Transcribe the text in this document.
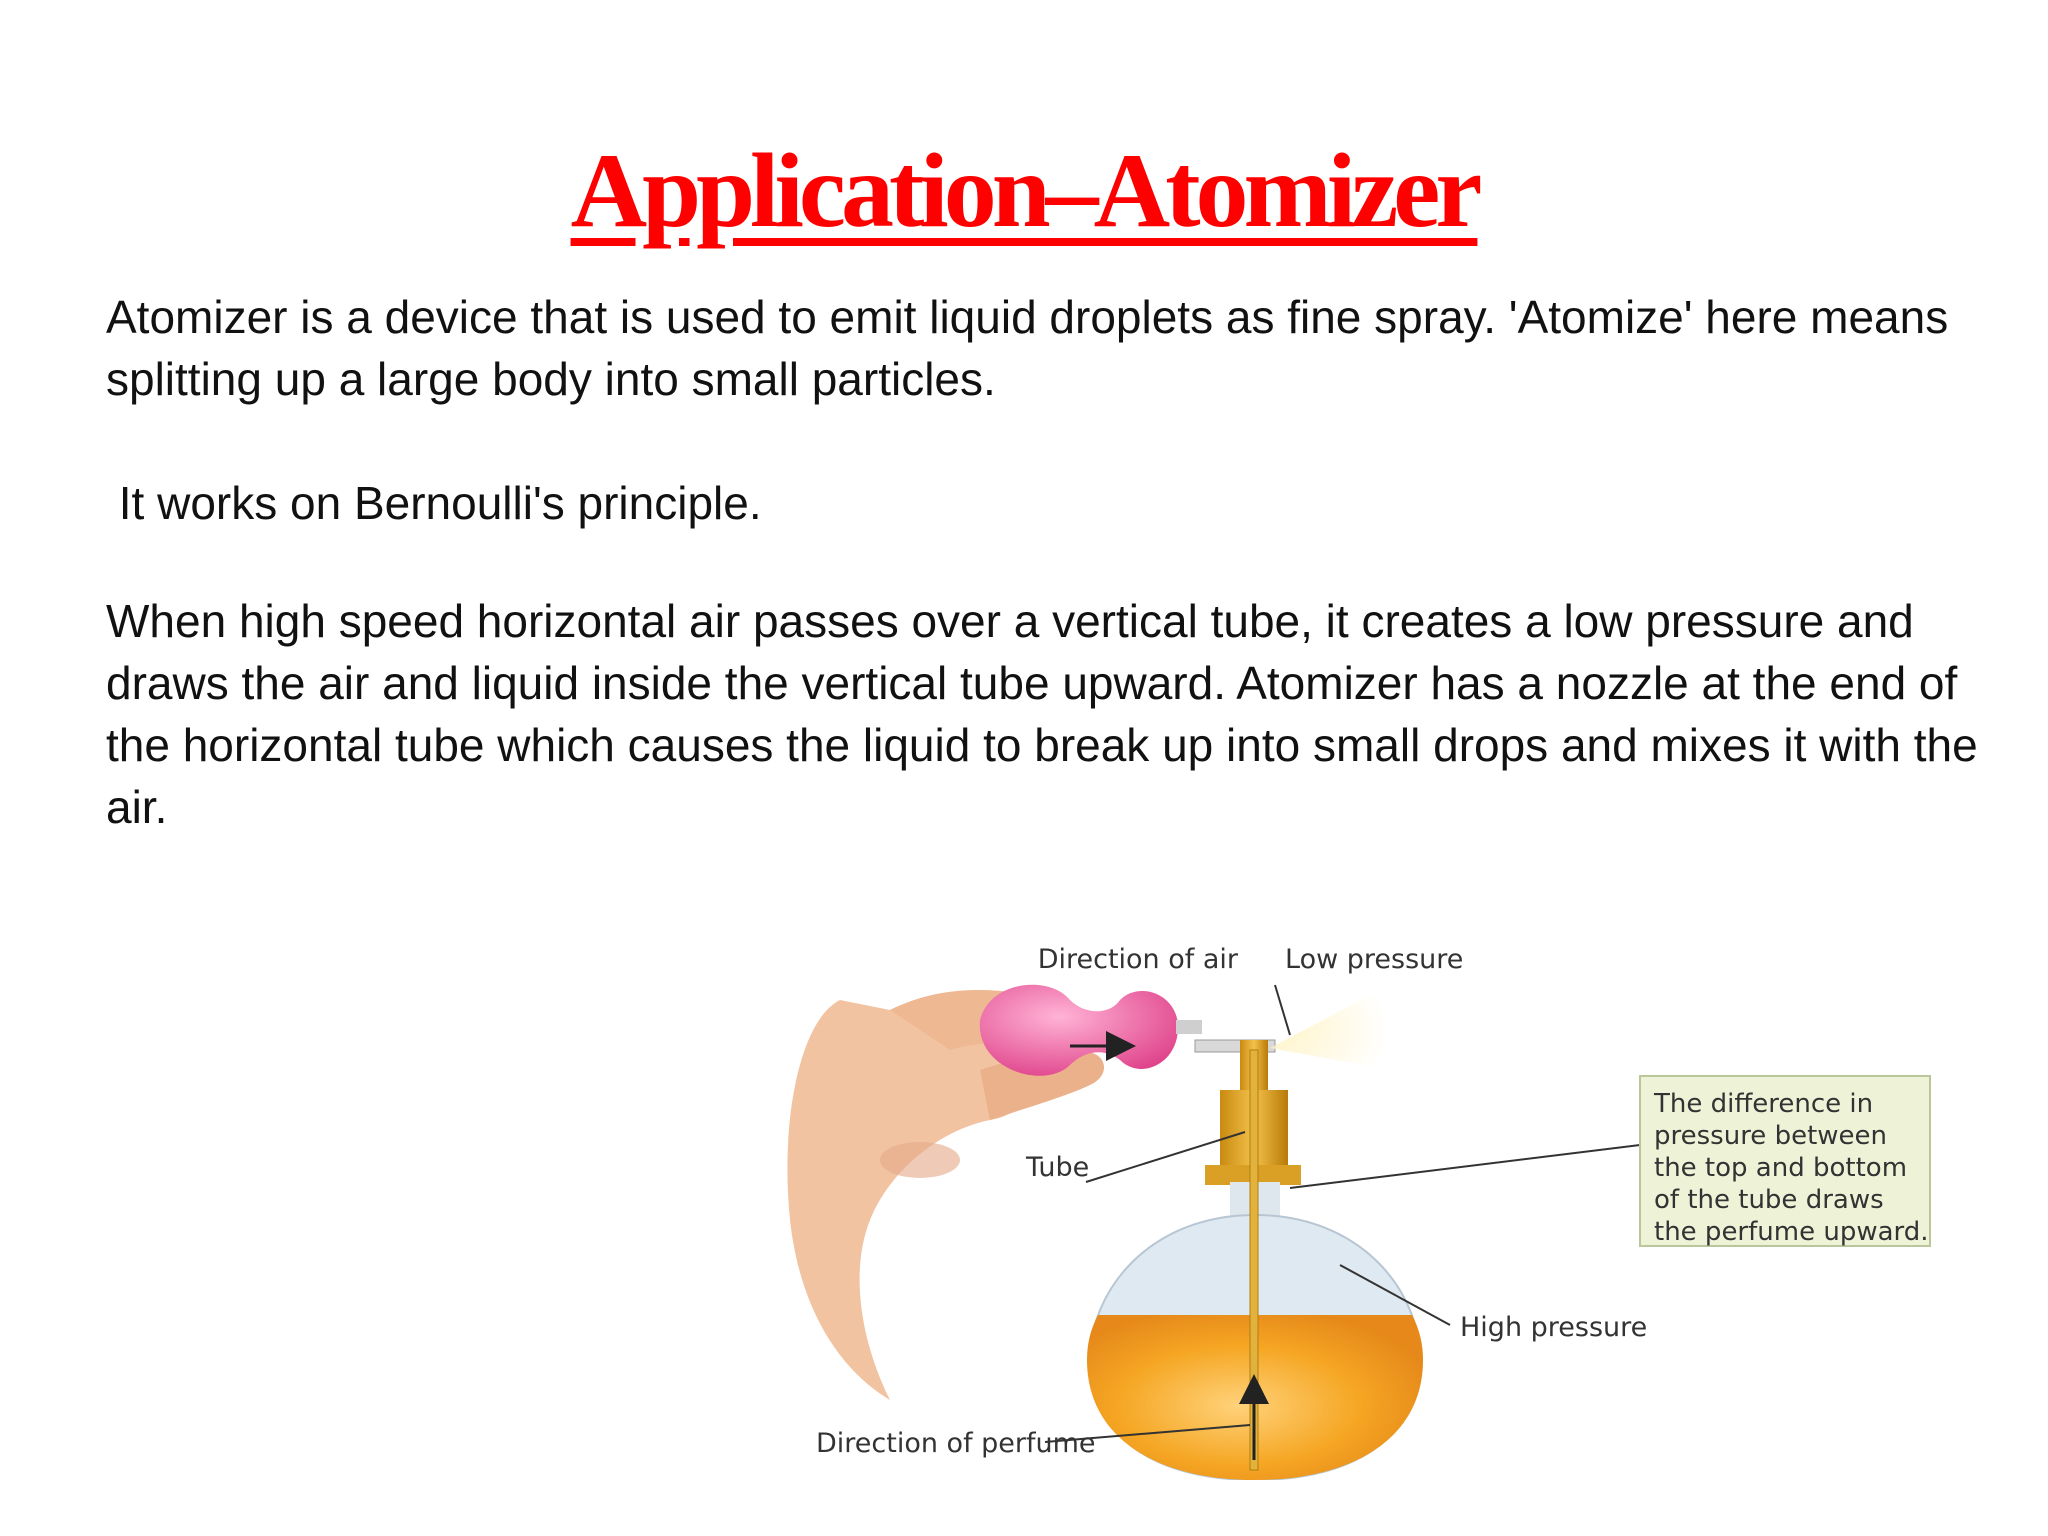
Application–Atomizer

Atomizer is a device that is used to emit liquid droplets as fine spray. 'Atomize' here means splitting up a large body into small particles.

It works on Bernoulli's principle.

When high speed horizontal air passes over a vertical tube, it creates a low pressure and draws the air and liquid inside the vertical tube upward. Atomizer has a nozzle at the end of the horizontal tube which causes the liquid to break up into small drops and mixes it with the air.

Direction of air Low pressure
Tube
High pressure
Direction of perfume
The difference in
pressure between
the top and bottom
of the tube draws
the perfume upward.
